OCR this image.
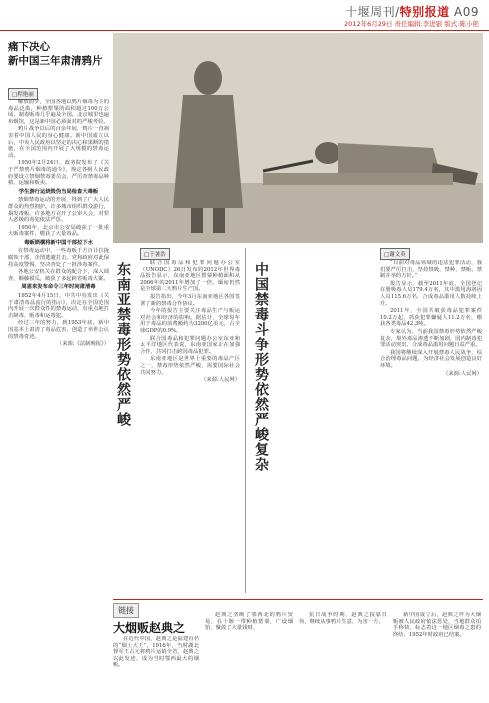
十堰周刊/特别报道 A09
2012年6月29日 责任编辑:李进银 版式:陈小艳
痛下决心
新中国三年肃清鸦片
□程艳丽

解放前夕，全国各地以鸦片烟毒为主的毒品泛滥，种植罂粟的面积超过100万公顷，制毒贩毒几乎遍及全国。北京城里也遍布烟馆，这是新中国必须面对的严峻考验。

鸦片战争以后的百余年间，鸦片一直祸害着中国人民的身心健康。新中国成立以后，中央人民政府以坚定的决心和果断的措施，在全国范围内开展了大规模的禁毒运动。

1950年2月24日，政务院发布了《关于严禁鸦片烟毒的通令》，规定各级人民政府要设立禁烟禁毒委员会，严厉查禁毒品种植、运输和贩卖。

学生游行运烧毁伪当局检查大毒贩

禁烟禁毒运动的开展，得到了广大人民群众的热烈拥护。许多城市组织群众游行，揭发毒贩，许多地方召开了公审大会，对罪大恶极的毒犯依法严惩。

1950年，北京市公安局破获了一批重大贩毒案件，缴获了大量毒品。

毒贩锁横将新中国干部拉下水

在禁毒运动中，一些毒贩千方百计拉拢腐蚀干部，企图逃避打击。党和政府对此保持高度警惕，坚决查处了一批涉毒案件。

各地公安机关在群众的配合下，深入调查，顺藤摸瓜，破获了多起跨省贩毒大案。

周恩来发布命令三年时间肃清毒

1952年4月15日，中共中央发出《关于肃清毒品流行的指示》，决定在全国范围内开展一次群众性的禁毒运动，有重点地打击制毒、贩毒和运毒犯。

经过三年的努力，到1953年底，新中国基本上肃清了毒品危害，创造了举世公认的禁毒奇迹。

（来源:《法制晚报》） 东南亚禁毒形势依然严峻
□于暑浩

联合国毒品和犯罪问题办公室（UNODC）26日发布的2012年世界毒品报告显示，东南亚地区罂粟种植面积从2006年的2011年增加了一倍，缅甸仍然是全球第二大鸦片生产国。

报告指出，今年3月东南亚地区各国签署了新的禁毒合作协议。

今年的报告主要关注毒品生产与贩运对社会和经济的影响。据估计，全球每年用于毒品的消费额约为3200亿美元，占全球GDP的0.9%。

联合国毒品和犯罪问题办公室东亚和太平洋地区代表说，东南亚国家正在加强合作，共同打击跨国毒品犯罪。

东南亚地区是世界上重要的毒品产区之一，禁毒形势依然严峻，需要国际社会共同努力。

（来源:人民网） 中国禁毒斗争形势依然严峻复杂
□谢文英

“目前对毒品领域的违法犯罪活动，我们要严厉打击，坚持禁吸、禁种、禁贩、禁制并举的方针。”

报告显示，截至2011年底，全国登记在册吸毒人员179.4万名，其中滥用海洛因人员115.6万名，合成毒品滥用人数持续上升。

2011年，全国共破获毒品犯罪案件10.2万起，抓获犯罪嫌疑人11.2万名，缴获各类毒品42.3吨。

专家认为，当前我国禁毒形势依然严峻复杂，境外毒品渗透不断加剧，国内制毒犯罪活动突出，合成毒品滥用问题日益严重。

我国将继续深入开展禁毒人民战争，综合治理毒品问题，为经济社会发展创造良好环境。

（来源:人民网）

链接
大烟贩赵典之

在近代中国，赵典之是福建有名的“烟土大王”，1916年，当时湖北督军王占元将鸦片运销全省，赵典之以此发迹，成为当时鄂西最大的烟贩。

赵典之垄断了鄂西北的鸦片贸易，在十堰一带种植罂粟，广设烟馆，聚敛了大量钱财。

抗日战争时期，赵典之投靠日伪，继续从事鸦片生意，为害一方。

新中国成立后，赵典之作为大烟贩被人民政府依法惩处，当地群众拍手称快，标志着这一地区烟毒之患的终结，1952年时政府已结案。
